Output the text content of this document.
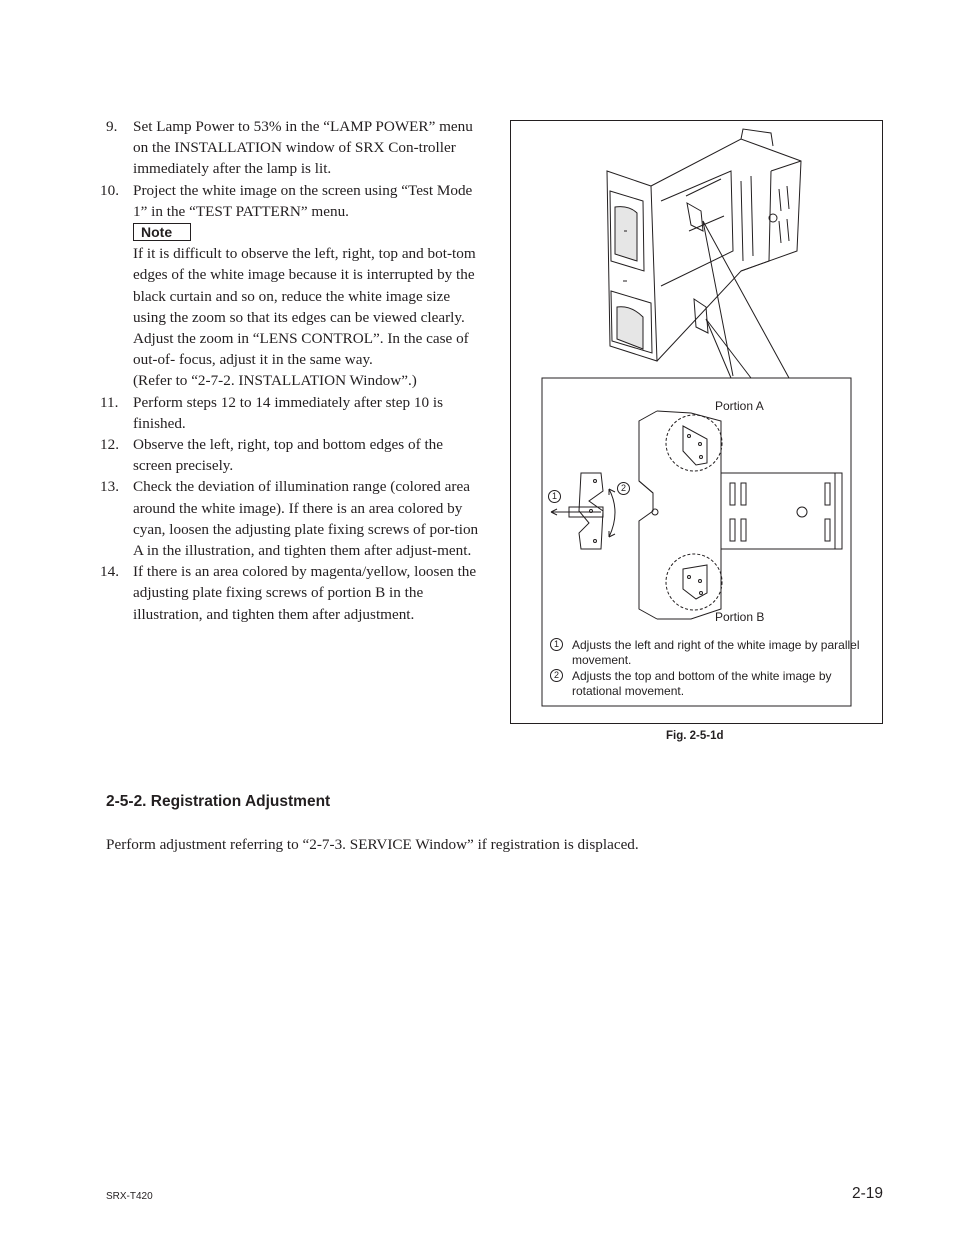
9. Set Lamp Power to 53% in the “LAMP POWER” menu on the INSTALLATION window of SRX Con-troller immediately after the lamp is lit.
10. Project the white image on the screen using “Test Mode 1” in the “TEST PATTERN” menu.
Note
If it is difficult to observe the left, right, top and bot-tom edges of the white image because it is interrupted by the black curtain and so on, reduce the white image size using the zoom so that its edges can be viewed clearly. Adjust the zoom in “LENS CONTROL”. In the case of out-of- focus, adjust it in the same way.
(Refer to “2-7-2. INSTALLATION Window”.)
11. Perform steps 12 to 14 immediately after step 10 is finished.
12. Observe the left, right, top and bottom edges of the screen precisely.
13. Check the deviation of illumination range (colored area around the white image). If there is an area colored by cyan, loosen the adjusting plate fixing screws of por-tion A in the illustration, and tighten them after adjust-ment.
14. If there is an area colored by magenta/yellow, loosen the adjusting plate fixing screws of portion B in the illustration, and tighten them after adjustment.
Portion A
Portion B
1
2
1	Adjusts the left and right of the white image by parallel movement.
2	Adjusts the top and bottom of the white image by rotational movement.
Fig. 2-5-1d
2-5-2. Registration Adjustment
Perform adjustment referring to “2-7-3. SERVICE Window” if registration is displaced.
SRX-T420	2-19
